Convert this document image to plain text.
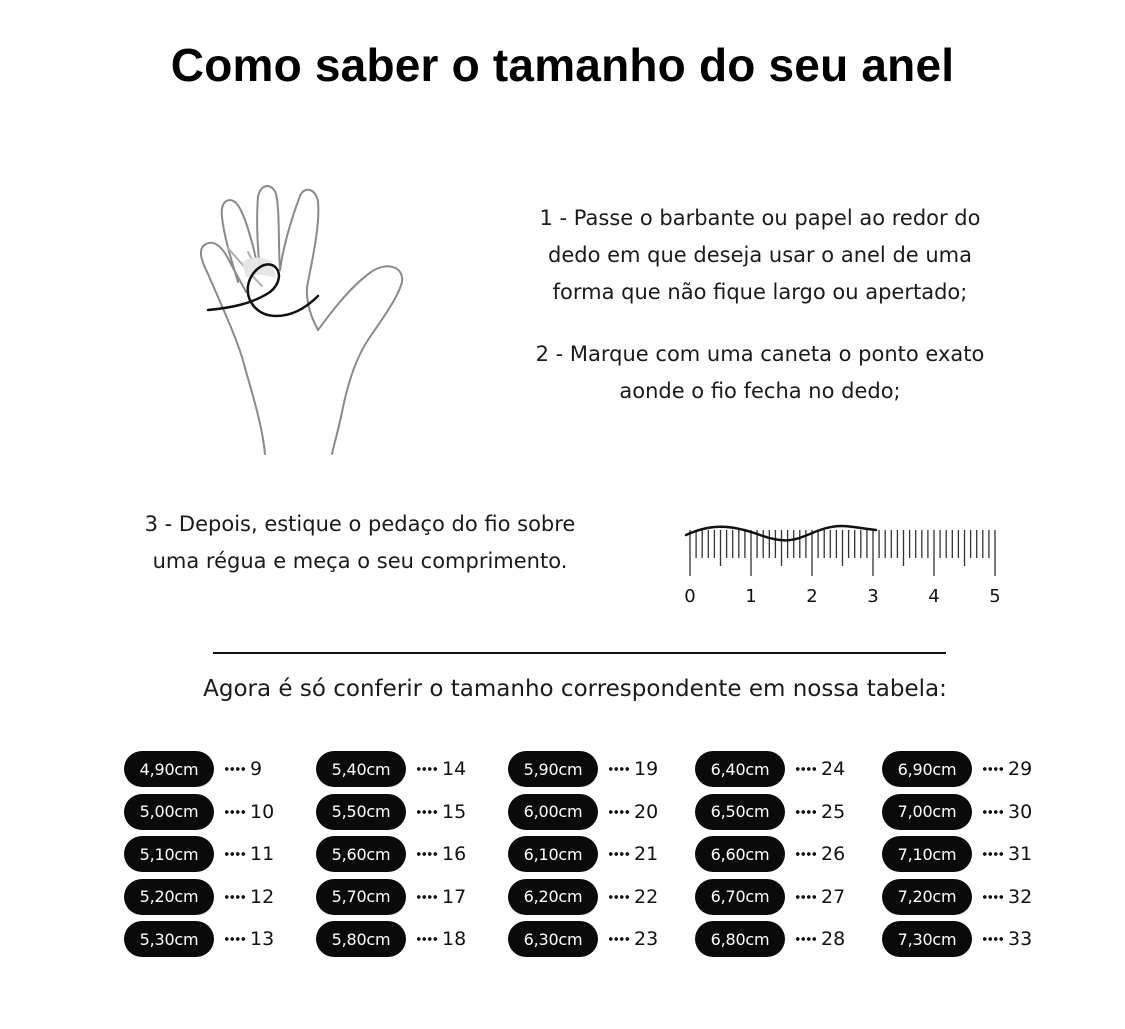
Como saber o tamanho do seu anel
1 - Passe o barbante ou papel ao redor do
dedo em que deseja usar o anel de uma
forma que não fique largo ou apertado;
2 - Marque com uma caneta o ponto exato
aonde o fio fecha no dedo;
3 - Depois, estique o pedaço do fio sobre
uma régua e meça o seu comprimento.
0	1	2	3	4	5
Agora é só conferir o tamanho correspondente em nossa tabela:
4,90cm	9
5,00cm	10
5,10cm	11
5,20cm	12
5,30cm	13
5,40cm	14
5,50cm	15
5,60cm	16
5,70cm	17
5,80cm	18
5,90cm	19
6,00cm	20
6,10cm	21
6,20cm	22
6,30cm	23
6,40cm	24
6,50cm	25
6,60cm	26
6,70cm	27
6,80cm	28
6,90cm	29
7,00cm	30
7,10cm	31
7,20cm	32
7,30cm	33
